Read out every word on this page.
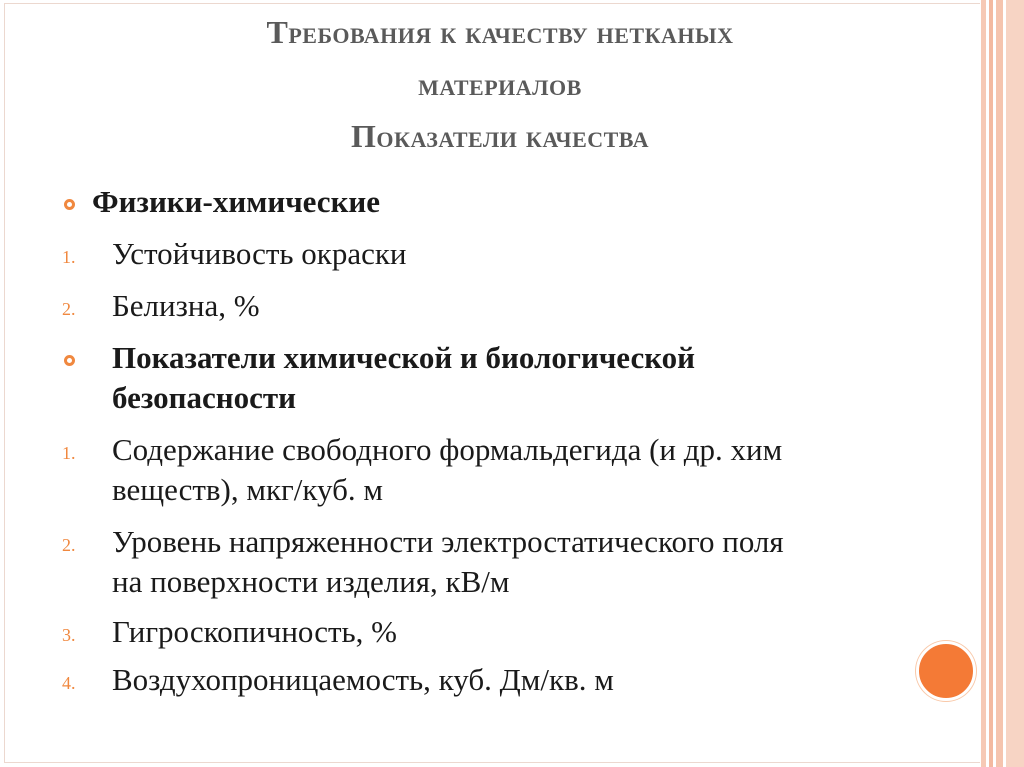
Требования к качеству нетканых
материалов
Показатели качества
Физики-химические
1. Устойчивость окраски
2. Белизна, %
Показатели химической и биологической
безопасности
1. Содержание свободного формальдегида (и др. хим
веществ), мкг/куб. м
2. Уровень напряженности электростатического поля
на поверхности изделия, кВ/м
3. Гигроскопичность, %
4. Воздухопроницаемость, куб. Дм/кв. м
